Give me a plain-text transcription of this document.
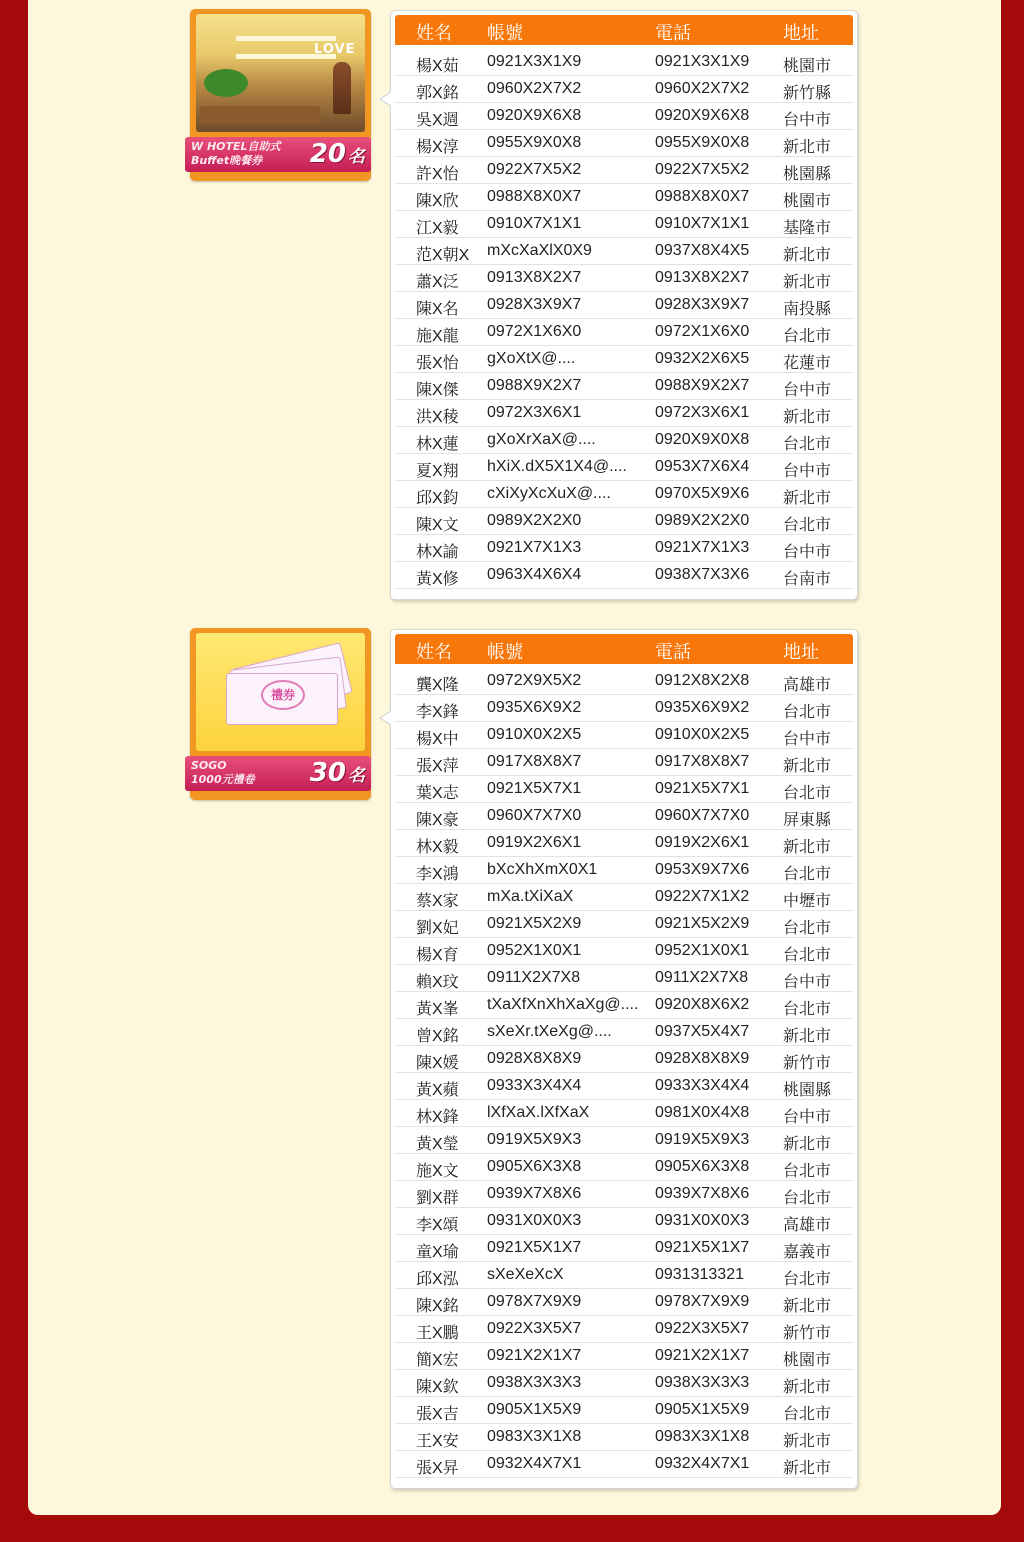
LOVE
W HOTEL自助式
Buffet晚餐券	20 名
姓名 帳號	電話	地址
楊X茹 0921X3X1X9	0921X3X1X9 桃園市
郭X銘 0960X2X7X2	0960X2X7X2 新竹縣
吳X週 0920X9X6X8	0920X9X6X8 台中市
楊X淳 0955X9X0X8	0955X9X0X8 新北市
許X怡 0922X7X5X2	0922X7X5X2 桃園縣
陳X欣 0988X8X0X7	0988X8X0X7 桃園市
江X毅 0910X7X1X1	0910X7X1X1 基隆市
范X朝X mXcXaXlX0X9	0937X8X4X5 新北市
蕭X泛 0913X8X2X7	0913X8X2X7 新北市
陳X名 0928X3X9X7	0928X3X9X7 南投縣
施X龍 0972X1X6X0	0972X1X6X0 台北市
張X怡 gXoXtX@....	0932X2X6X5 花蓮市
陳X傑 0988X9X2X7	0988X9X2X7 台中市
洪X稜 0972X3X6X1	0972X3X6X1 新北市
林X蓮 gXoXrXaX@....	0920X9X0X8 台北市
夏X翔 hXiX.dX5X1X4@.... 0953X7X6X4 台中市
邱X鈞 cXiXyXcXuX@....	0970X5X9X6 新北市
陳X文 0989X2X2X0	0989X2X2X0 台北市
林X諭 0921X7X1X3	0921X7X1X3 台中市
黃X修 0963X4X6X4	0938X7X3X6 台南市
禮券
SOGO
1000元禮卷	30 名
姓名 帳號	電話	地址
龔X隆 0972X9X5X2	0912X8X2X8 高雄市
李X鋒 0935X6X9X2	0935X6X9X2 台北市
楊X中 0910X0X2X5	0910X0X2X5 台中市
張X萍 0917X8X8X7	0917X8X8X7 新北市
葉X志 0921X5X7X1	0921X5X7X1 台北市
陳X豪 0960X7X7X0	0960X7X7X0 屏東縣
林X毅 0919X2X6X1	0919X2X6X1 新北市
李X鴻 bXcXhXmX0X1	0953X9X7X6 台北市
蔡X家 mXa.tXiXaX	0922X7X1X2 中壢市
劉X妃 0921X5X2X9	0921X5X2X9 台北市
楊X育 0952X1X0X1	0952X1X0X1 台北市
賴X玟 0911X2X7X8	0911X2X7X8 台中市
黃X峯 tXaXfXnXhXaXg@.... 0920X8X6X2 台北市
曾X銘 sXeXr.tXeXg@....	0937X5X4X7 新北市
陳X媛 0928X8X8X9	0928X8X8X9 新竹市
黃X蘋 0933X3X4X4	0933X3X4X4 桃園縣
林X鋒 lXfXaX.lXfXaX	0981X0X4X8 台中市
黃X瑩 0919X5X9X3	0919X5X9X3 新北市
施X文 0905X6X3X8	0905X6X3X8 台北市
劉X群 0939X7X8X6	0939X7X8X6 台北市
李X頌 0931X0X0X3	0931X0X0X3 高雄市
童X瑜 0921X5X1X7	0921X5X1X7 嘉義市
邱X泓 sXeXeXcX	0931313321 台北市
陳X銘 0978X7X9X9	0978X7X9X9 新北市
王X鵬 0922X3X5X7	0922X3X5X7 新竹市
簡X宏 0921X2X1X7	0921X2X1X7 桃園市
陳X欽 0938X3X3X3	0938X3X3X3 新北市
張X吉 0905X1X5X9	0905X1X5X9 台北市
王X安 0983X3X1X8	0983X3X1X8 新北市
張X昇 0932X4X7X1	0932X4X7X1 新北市
